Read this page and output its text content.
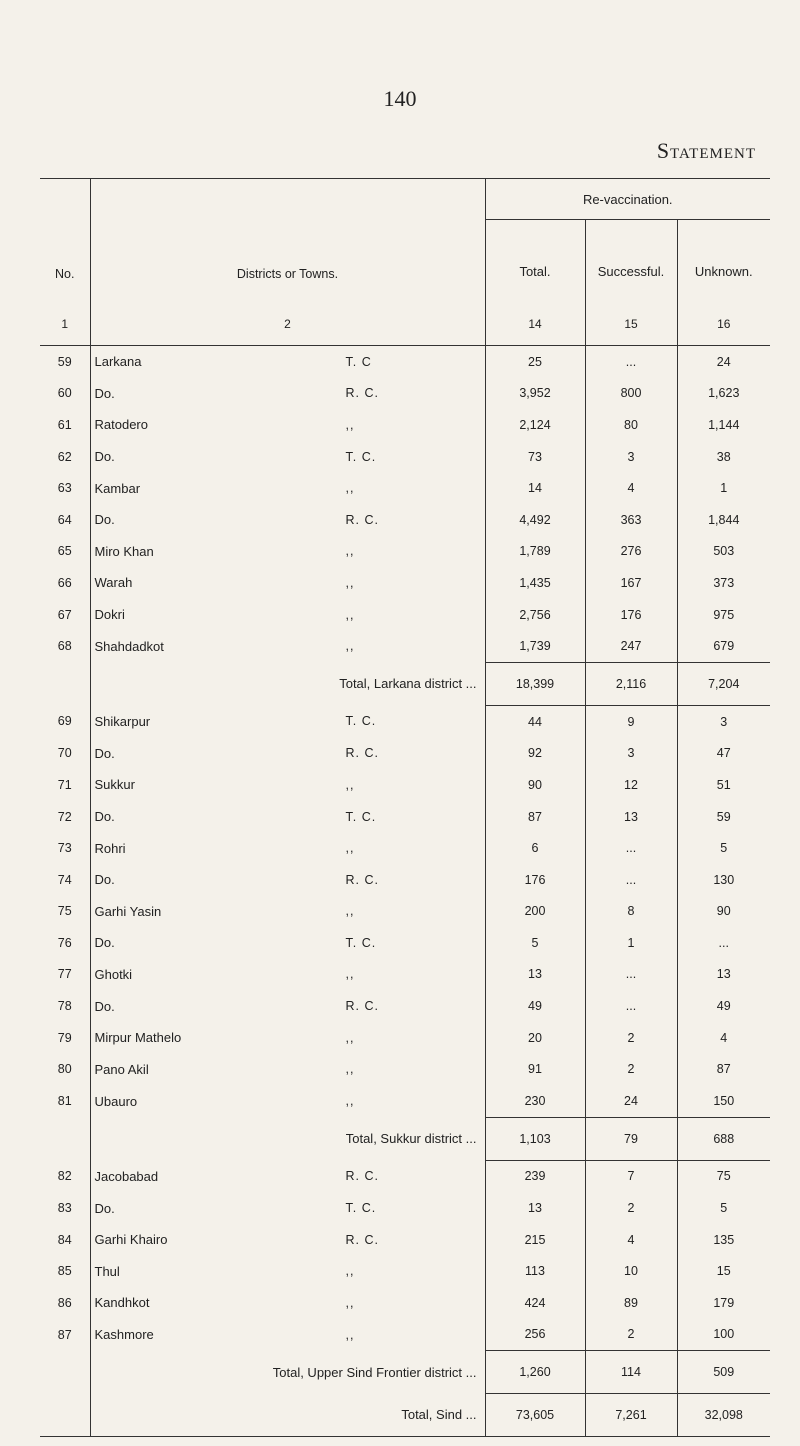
140
Statement
No.	Districts or Towns.	Re-vaccination.		
		Total.	Successful.	Unknown.
1	2	14	15	16
59	Larkana T. C	25	...	24
60	Do. R. C.	3,952	800	1,623
61	Ratodero ,,	2,124	80	1,144
62	Do. T. C.	73	3	38
63	Kambar ,,	14	4	1
64	Do. R. C.	4,492	363	1,844
65	Miro Khan ,,	1,789	276	503
66	Warah ,,	1,435	167	373
67	Dokri ,,	2,756	176	975
68	Shahdadkot ,,	1,739	247	679
	Total, Larkana district ...	18,399	2,116	7,204
69	Shikarpur T. C.	44	9	3
70	Do. R. C.	92	3	47
71	Sukkur ,,	90	12	51
72	Do. T. C.	87	13	59
73	Rohri ,,	6	...	5
74	Do. R. C.	176	...	130
75	Garhi Yasin ,,	200	8	90
76	Do. T. C.	5	1	...
77	Ghotki ,,	13	...	13
78	Do. R. C.	49	...	49
79	Mirpur Mathelo ,,	20	2	4
80	Pano Akil ,,	91	2	87
81	Ubauro ,,	230	24	150
	Total, Sukkur district ...	1,103	79	688
82	Jacobabad R. C.	239	7	75
83	Do. T. C.	13	2	5
84	Garhi Khairo R. C.	215	4	135
85	Thul ,,	113	10	15
86	Kandhkot ,,	424	89	179
87	Kashmore ,,	256	2	100
	Total, Upper Sind Frontier district ...	1,260	114	509
	Total, Sind ...	73,605	7,261	32,098
